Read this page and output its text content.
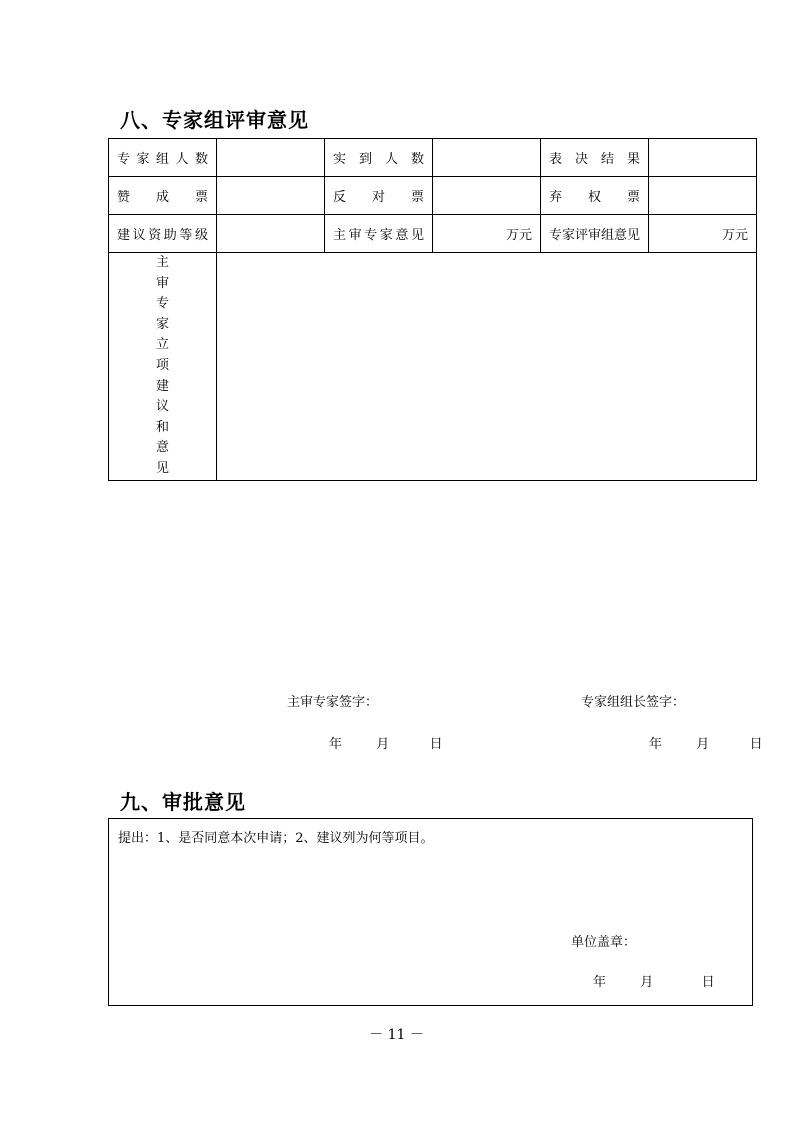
八、专家组评审意见
专家组人数		实到人数		表决结果	
赞成票		反对票		弃权票	
建议资助等级		主审专家意见	万元	专家评审组意见	万元
主审专家立项建议和意见	主审专家签字： 专家组组长签字：
年 月 日 年 月 日				
九、审批意见
提出：1、是否同意本次申请；2、建议列为何等项目。
单位盖章：
年	月	日
－ 11 －
